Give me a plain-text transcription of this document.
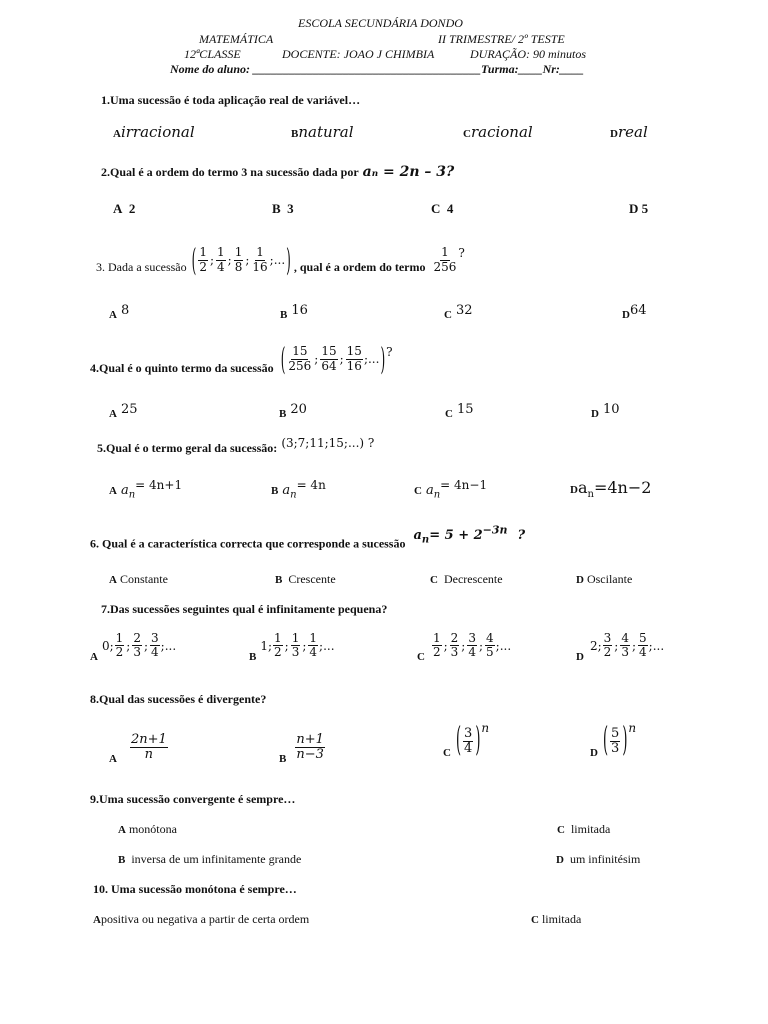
ESCOLA SECUNDÁRIA DONDO
MATEMÁTICA	II TRIMESTRE/ 2º TESTE
12ªCLASSE	DOCENTE: JOAO J CHIMBIA	DURAÇÃO: 90 minutos
Nome do aluno: ______________________________________Turma:____Nr:____
1.Uma sucessão é toda aplicação real de variável…
Airracional	Bnatural	Cracional	Dreal
2.Qual é a ordem do termo 3 na sucessão dada por aₙ = 2n – 3?
A 2	B 3	C 4	D 5
3. Dada a sucessão ( $\frac{1}{2}$ ; $\frac{1}{4}$ ; $\frac{1}{8}$ ; $\frac{1}{16}$ ;... ) , qual é a ordem do termo $\frac{1}{256}$ ?
A $^8$	B $^{16}$	C $^{32}$	$D^{64}$
4.Qual é o quinto termo da sucessão ( $\frac{15}{256}$ ; $\frac{15}{64}$ ; $\frac{15}{16}$ ;... ) ?
A $^{25}$	B $^{20}$	C $^{15}$	D $^{10}$
5.Qual é o termo geral da sucessão: $^{(3;7;11;15;...) ?}$
A $a_n^{= 4n+1}$	B $a_n^{= 4n}$	C $a_n^{= 4n-1}$	$Da_n=4n-2$
$_{6. Qual é a característica correcta que corresponde a sucessão}$ $a_n= 5 + 2^{-3n}$ ?
A Constante	B Crescente	C Decrescente	D Oscilante
7.Das sucessões seguintes qual é infinitamente pequena?
A
0; $\frac{1}{2}$ ; $\frac{2}{3}$ ; $\frac{3}{4}$ ;...
B
1; $\frac{1}{2}$ ; $\frac{1}{3}$ ; $\frac{1}{4}$ ;...
C $\frac{1}{2}$ ; $\frac{2}{3}$ ; $\frac{3}{4}$ ; $\frac{4}{5}$ ;...
D
2; $\frac{3}{2}$ ; $\frac{4}{3}$ ; $\frac{5}{4}$ ;...
8.Qual das sucessões é divergente?
A $\frac{2n+1}{n}$	B $\frac{n+1}{n-3}$	C ( $\frac{3}{4}$ ) n
D ( $\frac{5}{3}$ ) n
9.Uma sucessão convergente é sempre…
A monótona
B inversa de um infinitamente grande
C limitada
D um infinitésim
10. Uma sucessão monótona é sempre…
Apositiva ou negativa a partir de certa ordem	C limitada
